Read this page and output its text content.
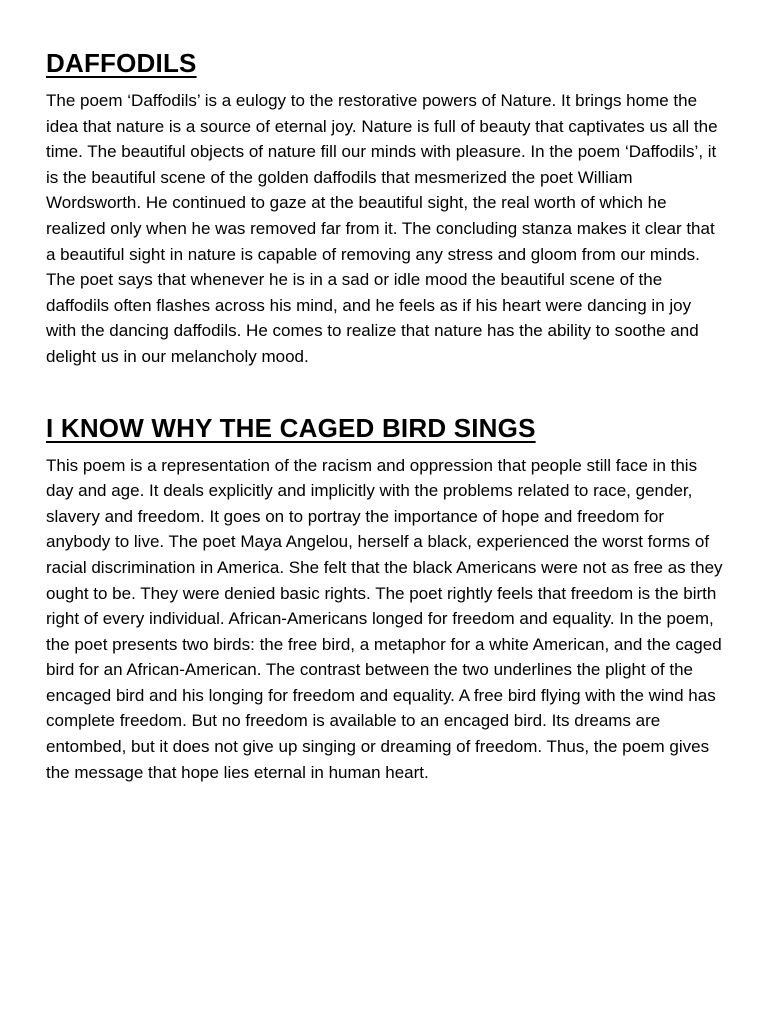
DAFFODILS

The poem ‘Daffodils’ is a eulogy to the restorative powers of Nature. It brings home the idea that nature is a source of eternal joy. Nature is full of beauty that captivates us all the time. The beautiful objects of nature fill our minds with pleasure. In the poem ‘Daffodils’, it is the beautiful scene of the golden daffodils that mesmerized the poet William Wordsworth. He continued to gaze at the beautiful sight, the real worth of which he realized only when he was removed far from it. The concluding stanza makes it clear that a beautiful sight in nature is capable of removing any stress and gloom from our minds. The poet says that whenever he is in a sad or idle mood the beautiful scene of the daffodils often flashes across his mind, and he feels as if his heart were dancing in joy with the dancing daffodils. He comes to realize that nature has the ability to soothe and delight us in our melancholy mood.

I KNOW WHY THE CAGED BIRD SINGS

This poem is a representation of the racism and oppression that people still face in this day and age. It deals explicitly and implicitly with the problems related to race, gender, slavery and freedom. It goes on to portray the importance of hope and freedom for anybody to live. The poet Maya Angelou, herself a black, experienced the worst forms of racial discrimination in America. She felt that the black Americans were not as free as they ought to be. They were denied basic rights. The poet rightly feels that freedom is the birth right of every individual. African-Americans longed for freedom and equality. In the poem, the poet presents two birds: the free bird, a metaphor for a white American, and the caged bird for an African-American. The contrast between the two underlines the plight of the encaged bird and his longing for freedom and equality. A free bird flying with the wind has complete freedom. But no freedom is available to an encaged bird. Its dreams are entombed, but it does not give up singing or dreaming of freedom. Thus, the poem gives the message that hope lies eternal in human heart.
